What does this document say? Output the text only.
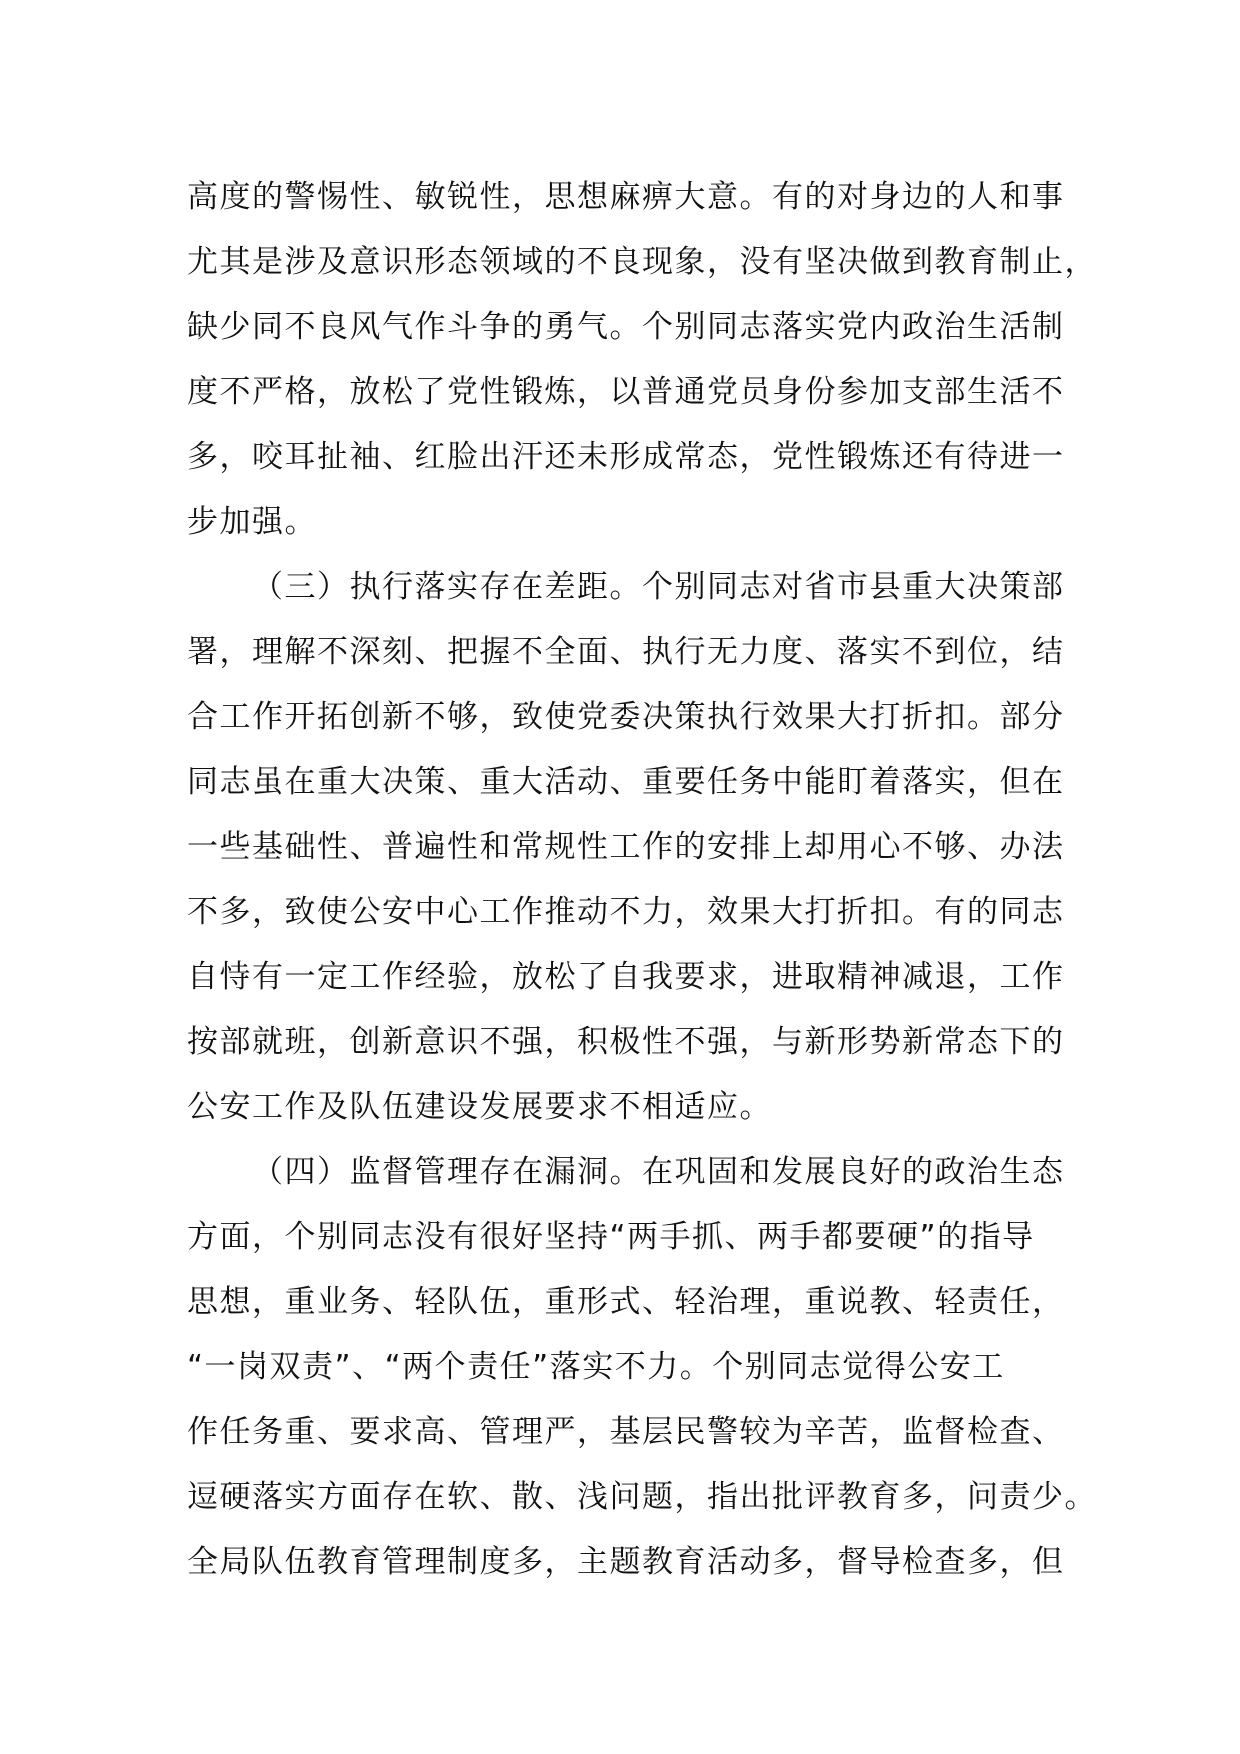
高度的警惕性、敏锐性，思想麻痹大意。有的对身边的人和事
尤其是涉及意识形态领域的不良现象，没有坚决做到教育制止，
缺少同不良风气作斗争的勇气。个别同志落实党内政治生活制
度不严格，放松了党性锻炼，以普通党员身份参加支部生活不
多，咬耳扯袖、红脸出汗还未形成常态，党性锻炼还有待进一
步加强。
（三）执行落实存在差距。个别同志对省市县重大决策部
署，理解不深刻、把握不全面、执行无力度、落实不到位，结
合工作开拓创新不够，致使党委决策执行效果大打折扣。部分
同志虽在重大决策、重大活动、重要任务中能盯着落实，但在
一些基础性、普遍性和常规性工作的安排上却用心不够、办法
不多，致使公安中心工作推动不力，效果大打折扣。有的同志
自恃有一定工作经验，放松了自我要求，进取精神减退，工作
按部就班，创新意识不强，积极性不强，与新形势新常态下的
公安工作及队伍建设发展要求不相适应。
（四）监督管理存在漏洞。在巩固和发展良好的政治生态
方面，个别同志没有很好坚持“两手抓、两手都要硬”的指导
思想，重业务、轻队伍，重形式、轻治理，重说教、轻责任，
“一岗双责”、“两个责任”落实不力。个别同志觉得公安工
作任务重、要求高、管理严，基层民警较为辛苦，监督检查、
逗硬落实方面存在软、散、浅问题，指出批评教育多，问责少。
全局队伍教育管理制度多，主题教育活动多，督导检查多，但
